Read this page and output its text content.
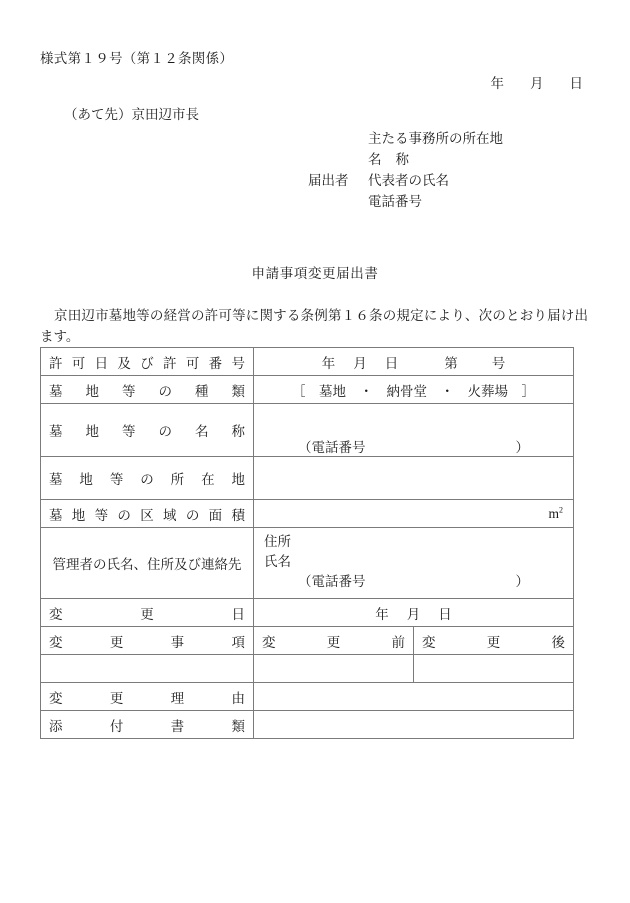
様式第１９号（第１２条関係）
年 月 日
（あて先）京田辺市長
主たる事務所の所在地
名 称
届出者	代表者の氏名
電話番号
申請事項変更届出書
京田辺市墓地等の経営の許可等に関する条例第１６条の規定により、次のとおり届け出ます。
許可日及び許可番号	年 月 日 第 号	

墓地等の種類	［　墓地　・　納骨堂　・　火葬場　］	

墓地等の名称	（電話番号 ）	

墓地等の所在地		

墓地等の区域の面積	$m^2$
管理者の氏名、住所及び連絡先	住所
氏名
（電話番号 ）	

変更日	年 月 日	

変更事項	変更前	変更後

変更理由		

添付書類		
